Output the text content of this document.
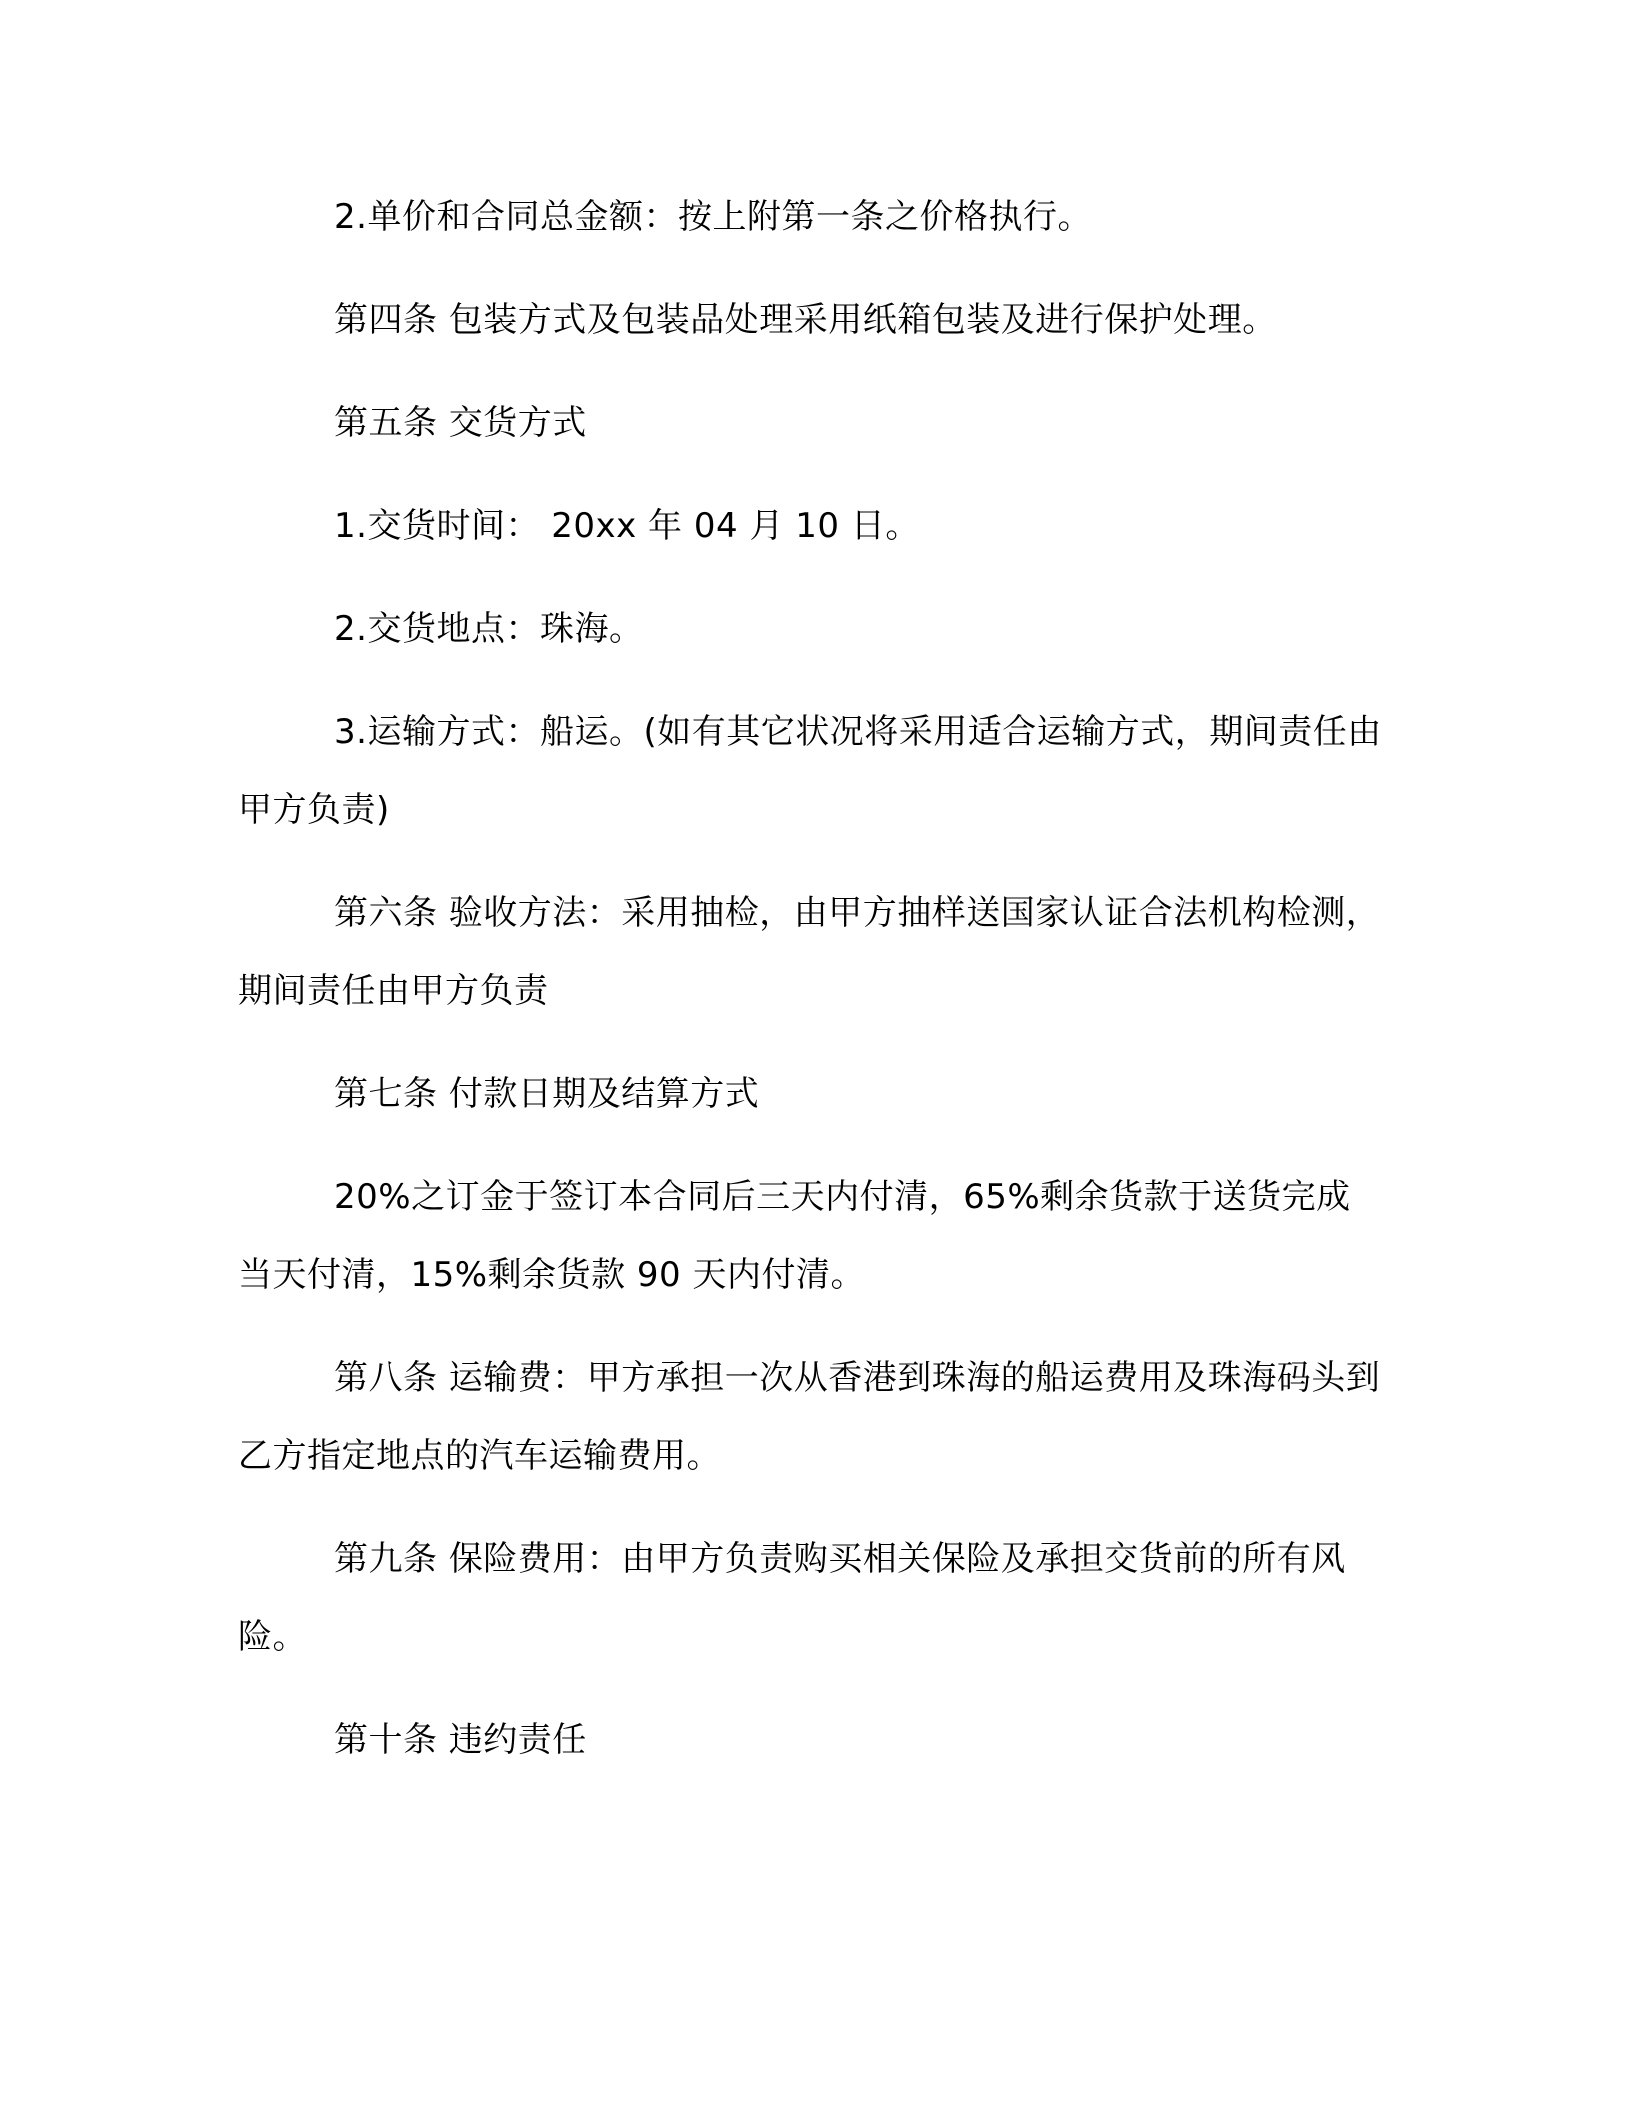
2.单价和合同总金额：按上附第一条之价格执行。

第四条 包装方式及包装品处理采用纸箱包装及进行保护处理。

第五条 交货方式

1.交货时间： 20xx 年 04 月 10 日。

2.交货地点：珠海。

3.运输方式：船运。(如有其它状况将采用适合运输方式，期间责任由甲方负责)

第六条 验收方法：采用抽检，由甲方抽样送国家认证合法机构检测，期间责任由甲方负责

第七条 付款日期及结算方式

20%之订金于签订本合同后三天内付清，65%剩余货款于送货完成当天付清，15%剩余货款 90 天内付清。

第八条 运输费：甲方承担一次从香港到珠海的船运费用及珠海码头到乙方指定地点的汽车运输费用。

第九条 保险费用：由甲方负责购买相关保险及承担交货前的所有风险。

第十条 违约责任
